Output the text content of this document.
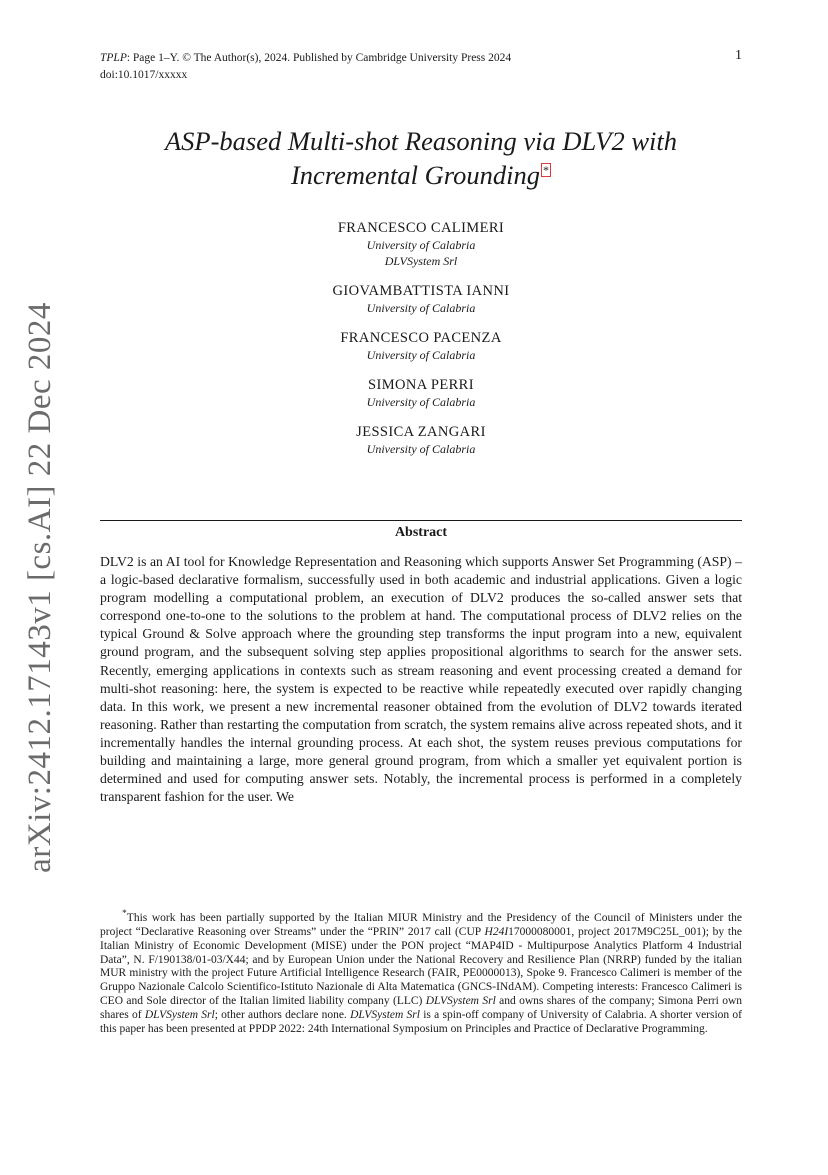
arXiv:2412.17143v1 [cs.AI] 22 Dec 2024
TPLP: Page 1–Y. © The Author(s), 2024. Published by Cambridge University Press 2024
doi:10.1017/xxxxx
1
ASP-based Multi-shot Reasoning via DLV2 with
Incremental Grounding *
FRANCESCO CALIMERI
University of Calabria
DLVSystem Srl
GIOVAMBATTISTA IANNI
University of Calabria
FRANCESCO PACENZA
University of Calabria
SIMONA PERRI
University of Calabria
JESSICA ZANGARI
University of Calabria
Abstract
DLV2 is an AI tool for Knowledge Representation and Reasoning which supports Answer Set Programming (ASP) – a logic-based declarative formalism, successfully used in both academic and industrial applications. Given a logic program modelling a computational problem, an execution of DLV2 produces the so-called answer sets that correspond one-to-one to the solutions to the problem at hand. The computational process of DLV2 relies on the typical Ground & Solve approach where the grounding step transforms the input program into a new, equivalent ground program, and the subsequent solving step applies propositional algorithms to search for the answer sets. Recently, emerging applications in contexts such as stream reasoning and event processing created a demand for multi-shot reasoning: here, the system is expected to be reactive while repeatedly executed over rapidly changing data. In this work, we present a new incremental reasoner obtained from the evolution of DLV2 towards iterated reasoning. Rather than restarting the computation from scratch, the system remains alive across repeated shots, and it incrementally handles the internal grounding process. At each shot, the system reuses previous computations for building and maintaining a large, more general ground program, from which a smaller yet equivalent portion is determined and used for computing answer sets. Notably, the incremental process is performed in a completely transparent fashion for the user. We
*This work has been partially supported by the Italian MIUR Ministry and the Presidency of the Council of Ministers under the project “Declarative Reasoning over Streams” under the “PRIN” 2017 call (CUP H24I17000080001, project 2017M9C25L_001); by the Italian Ministry of Economic Development (MISE) under the PON project “MAP4ID - Multipurpose Analytics Platform 4 Industrial Data”, N. F/190138/01-03/X44; and by European Union under the National Recovery and Resilience Plan (NRRP) funded by the italian MUR ministry with the project Future Artificial Intelligence Research (FAIR, PE0000013), Spoke 9. Francesco Calimeri is member of the Gruppo Nazionale Calcolo Scientifico-Istituto Nazionale di Alta Matematica (GNCS-INdAM). Competing interests: Francesco Calimeri is CEO and Sole director of the Italian limited liability company (LLC) DLVSystem Srl and owns shares of the company; Simona Perri own shares of DLVSystem Srl; other authors declare none. DLVSystem Srl is a spin-off company of University of Calabria. A shorter version of this paper has been presented at PPDP 2022: 24th International Symposium on Principles and Practice of Declarative Programming.
